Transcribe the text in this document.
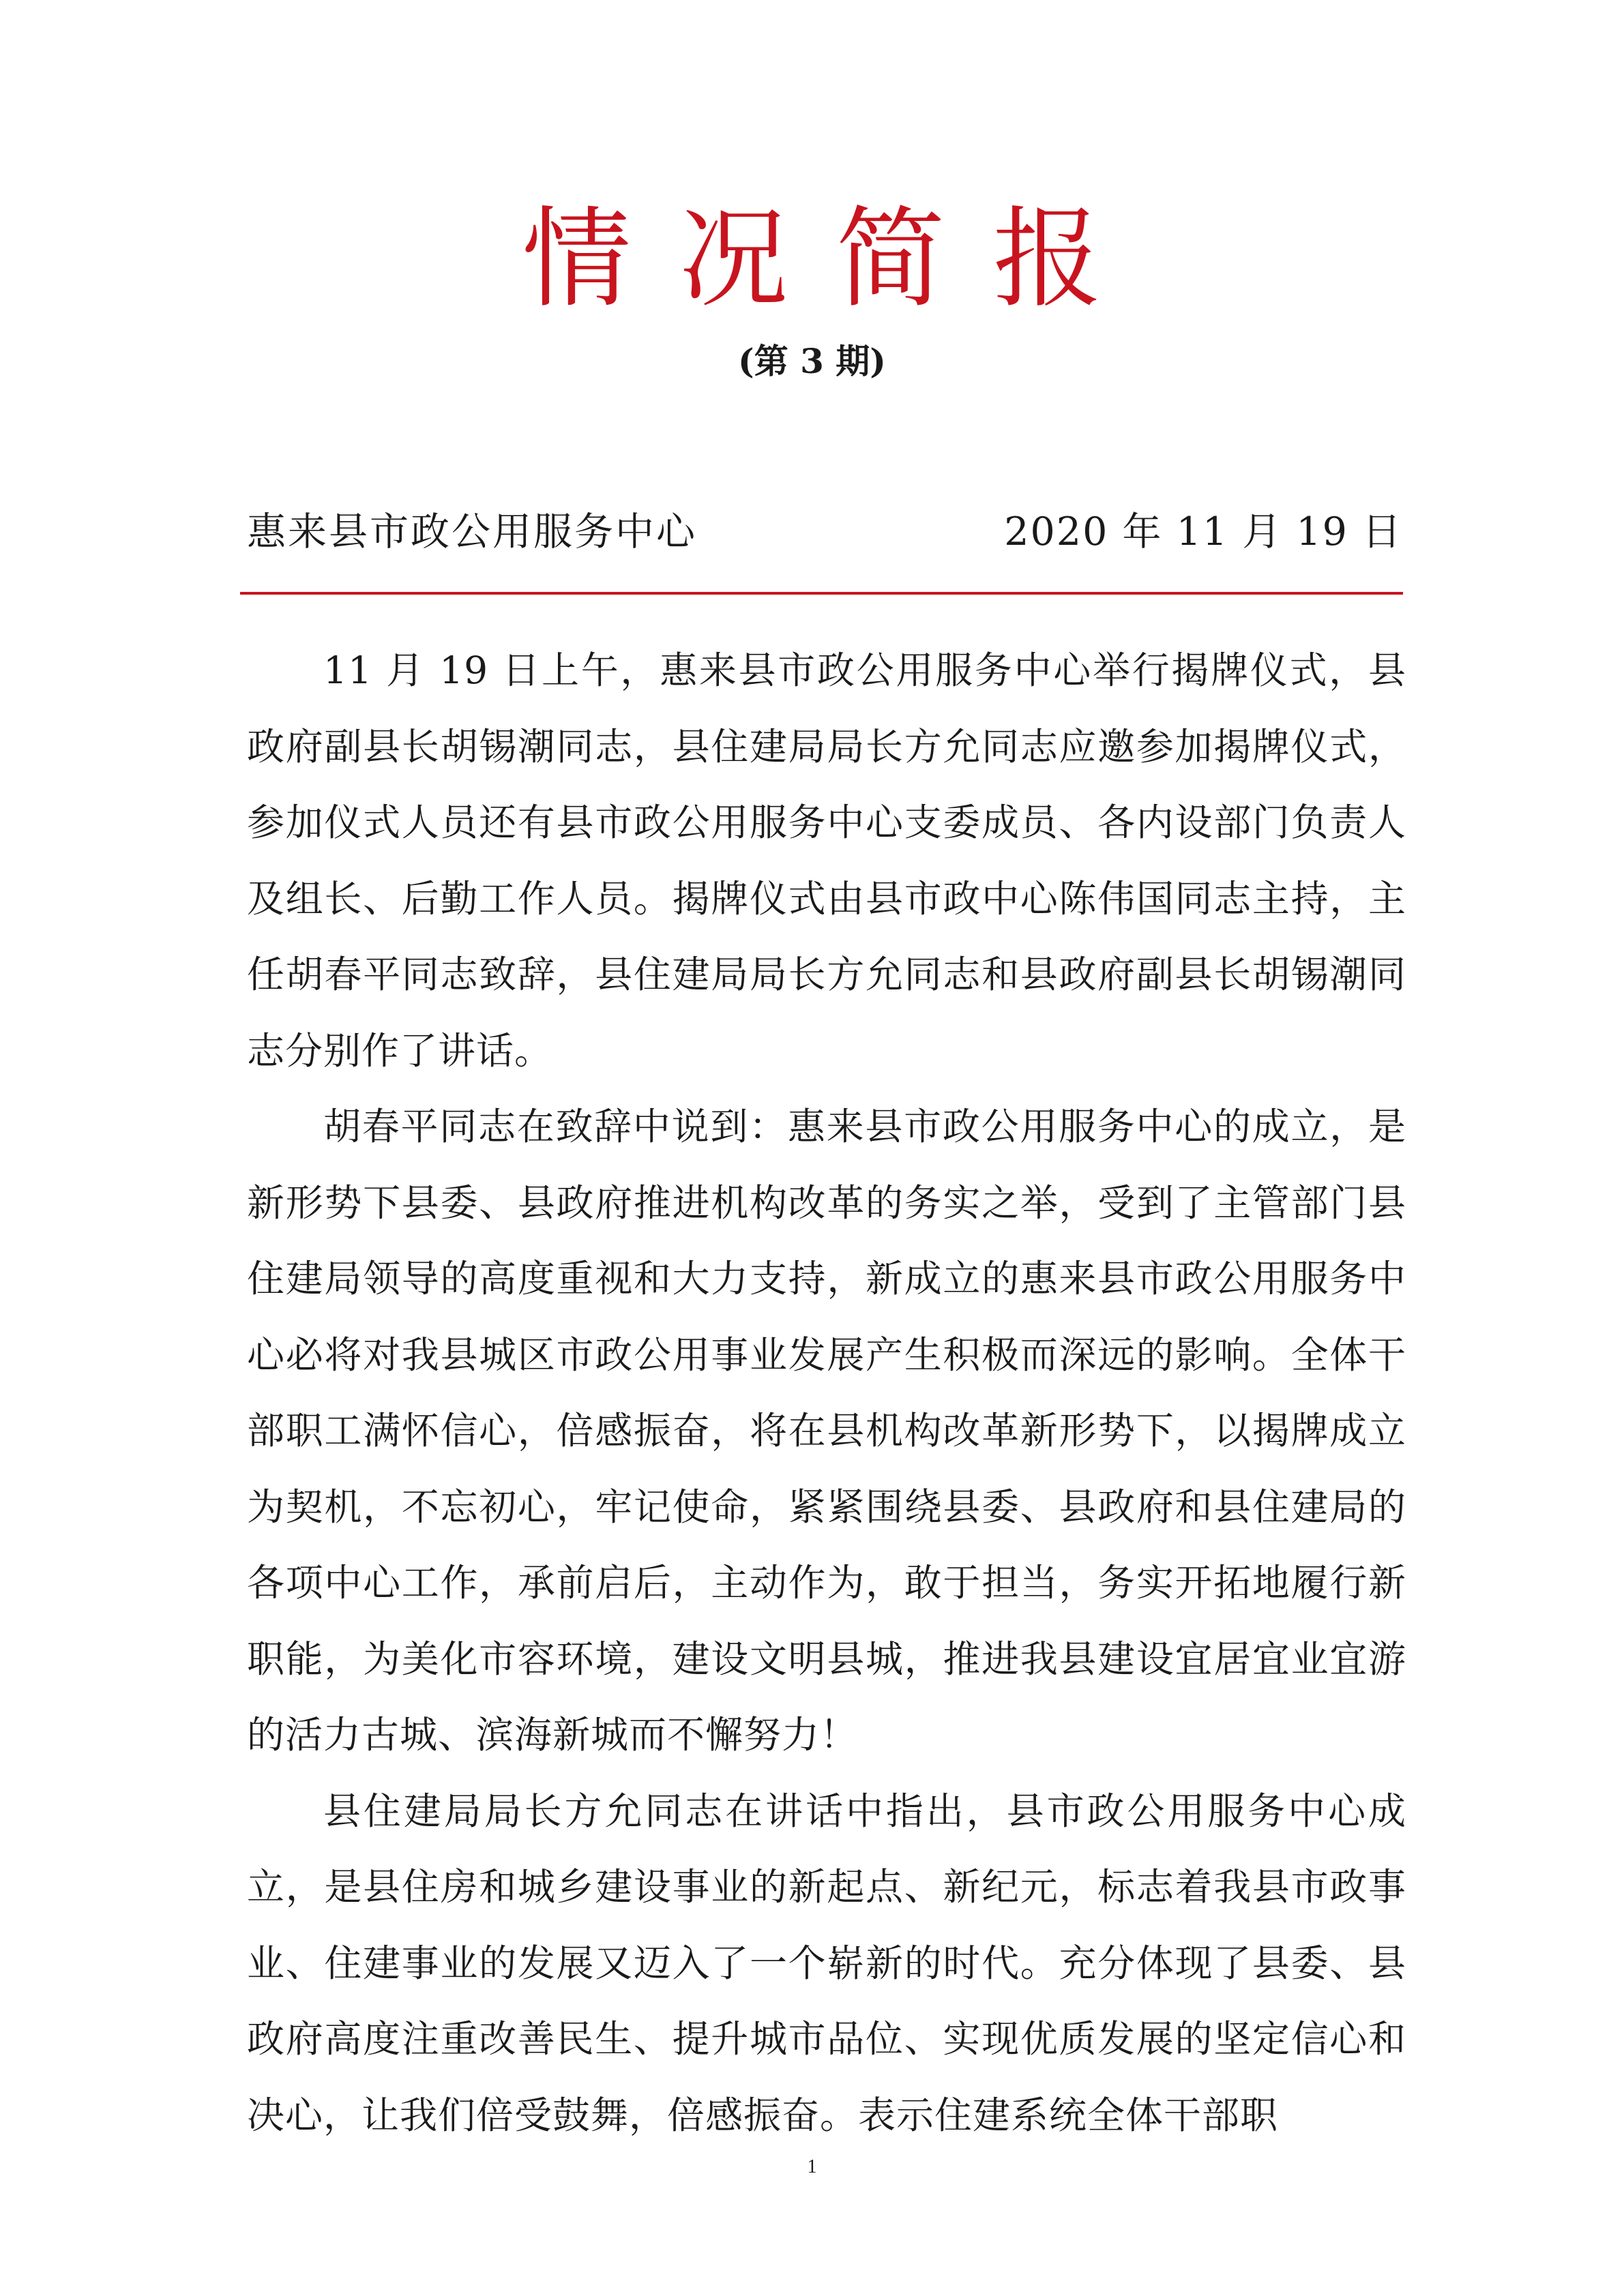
情况简报
(第 3 期)
惠来县市政公用服务中心	2020 年 11 月 19 日

11 月 19 日上午，惠来县市政公用服务中心举行揭牌仪式，县政府副县长胡锡潮同志，县住建局局长方允同志应邀参加揭牌仪式，参加仪式人员还有县市政公用服务中心支委成员、各内设部门负责人及组长、后勤工作人员。揭牌仪式由县市政中心陈伟国同志主持，主任胡春平同志致辞，县住建局局长方允同志和县政府副县长胡锡潮同志分别作了讲话。

胡春平同志在致辞中说到：惠来县市政公用服务中心的成立，是新形势下县委、县政府推进机构改革的务实之举，受到了主管部门县住建局领导的高度重视和大力支持，新成立的惠来县市政公用服务中心必将对我县城区市政公用事业发展产生积极而深远的影响。全体干部职工满怀信心，倍感振奋，将在县机构改革新形势下，以揭牌成立为契机，不忘初心，牢记使命，紧紧围绕县委、县政府和县住建局的各项中心工作，承前启后，主动作为，敢于担当，务实开拓地履行新职能，为美化市容环境，建设文明县城，推进我县建设宜居宜业宜游的活力古城、滨海新城而不懈努力！

县住建局局长方允同志在讲话中指出，县市政公用服务中心成立，是县住房和城乡建设事业的新起点、新纪元，标志着我县市政事业、住建事业的发展又迈入了一个崭新的时代。充分体现了县委、县政府高度注重改善民生、提升城市品位、实现优质发展的坚定信心和决心，让我们倍受鼓舞，倍感振奋。表示住建系统全体干部职

1
